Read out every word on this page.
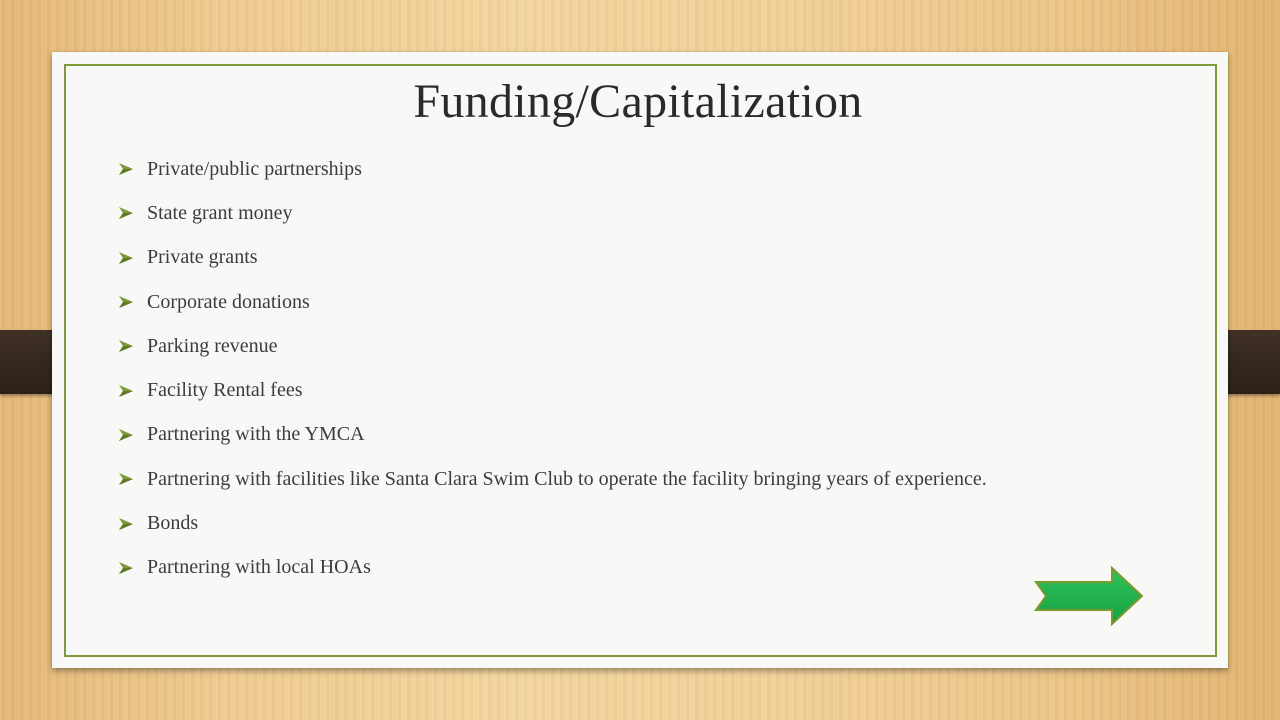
Funding/Capitalization
Private/public partnerships
State grant money
Private grants
Corporate donations
Parking revenue
Facility Rental fees
Partnering with the YMCA
Partnering with facilities like Santa Clara Swim Club to operate the facility bringing years of experience.
Bonds
Partnering with local HOAs
